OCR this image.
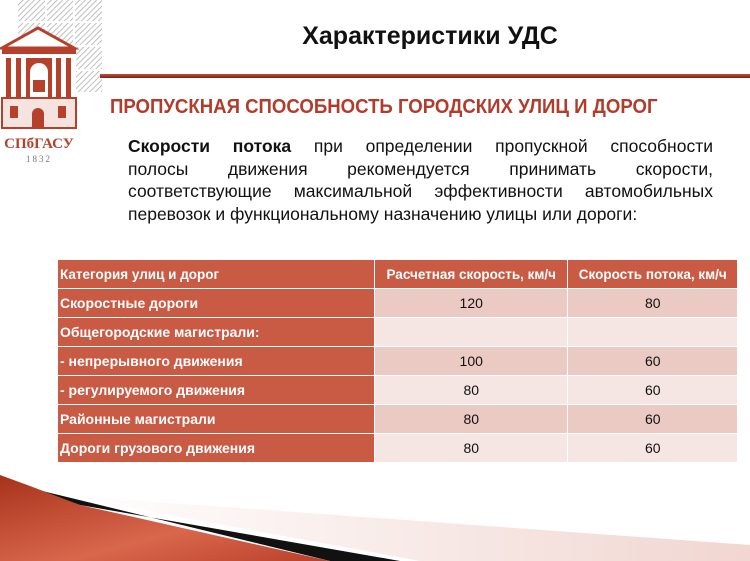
СПбГАСУ
1832
Характеристики УДС
ПРОПУСКНАЯ СПОСОБНОСТЬ ГОРОДСКИХ УЛИЦ И ДОРОГ
Скорости потока при определении пропускной способности
полосы движения рекомендуется принимать скорости,
соответствующие максимальной эффективности автомобильных
перевозок и функциональному назначению улицы или дороги:
Категория улиц и дорог	Расчетная скорость, км/ч	Скорость потока, км/ч
Скоростные дороги	120	80
Общегородские магистрали:		
- непрерывного движения	100	60
- регулируемого движения	80	60
Районные магистрали	80	60
Дороги грузового движения	80	60
